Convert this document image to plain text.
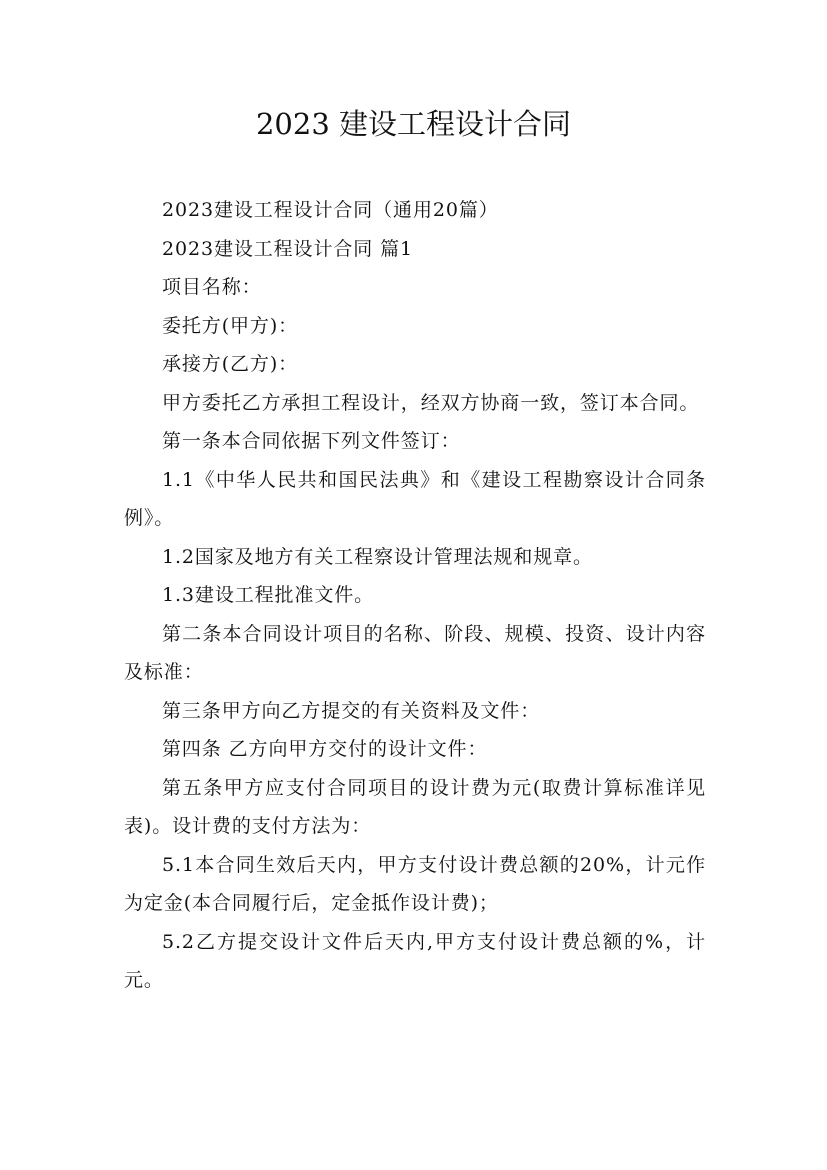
2023 建设工程设计合同

2023建设工程设计合同（通用20篇）

2023建设工程设计合同 篇1

项目名称：

委托方(甲方)：

承接方(乙方)：

甲方委托乙方承担工程设计，经双方协商一致，签订本合同。

第一条本合同依据下列文件签订：

1.1《中华人民共和国民法典》和《建设工程勘察设计合同条例》。

1.2国家及地方有关工程察设计管理法规和规章。

1.3建设工程批准文件。

第二条本合同设计项目的名称、阶段、规模、投资、设计内容及标准：

第三条甲方向乙方提交的有关资料及文件：

第四条 乙方向甲方交付的设计文件：

第五条甲方应支付合同项目的设计费为元(取费计算标准详见表)。设计费的支付方法为：

5.1本合同生效后天内，甲方支付设计费总额的20%，计元作为定金(本合同履行后，定金抵作设计费)；

5.2乙方提交设计文件后天内,甲方支付设计费总额的%，计元。
